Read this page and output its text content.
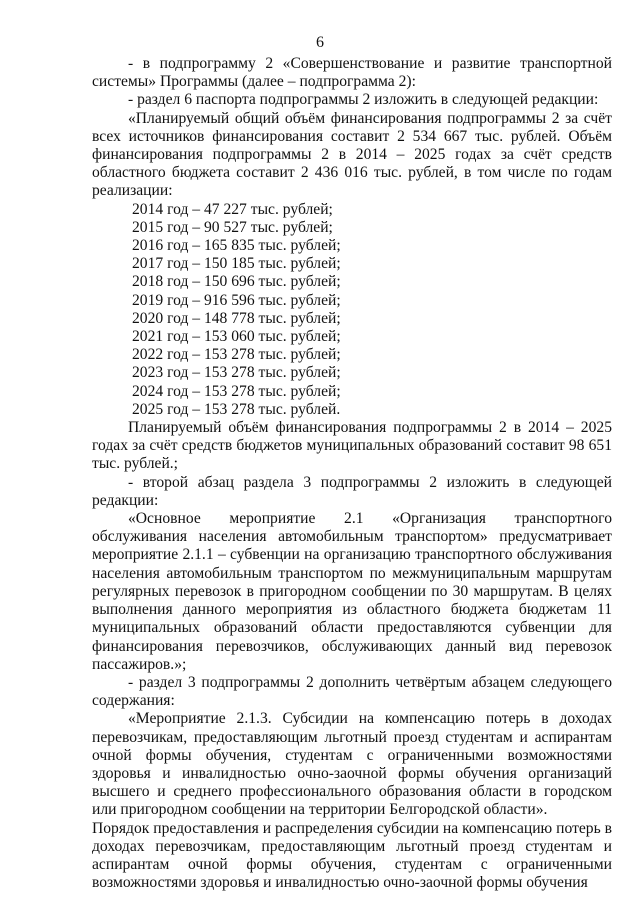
6

- в подпрограмму 2 «Совершенствование и развитие транспортной системы» Программы (далее – подпрограмма 2):

- раздел 6 паспорта подпрограммы 2 изложить в следующей редакции:

«Планируемый общий объём финансирования подпрограммы 2 за счёт всех источников финансирования составит 2 534 667 тыс. рублей. Объём финансирования подпрограммы 2 в 2014 – 2025 годах за счёт средств областного бюджета составит 2 436 016 тыс. рублей, в том числе по годам реализации:

2014 год – 47 227 тыс. рублей;

2015 год – 90 527 тыс. рублей;

2016 год – 165 835 тыс. рублей;

2017 год – 150 185 тыс. рублей;

2018 год – 150 696 тыс. рублей;

2019 год – 916 596 тыс. рублей;

2020 год – 148 778 тыс. рублей;

2021 год – 153 060 тыс. рублей;

2022 год – 153 278 тыс. рублей;

2023 год – 153 278 тыс. рублей;

2024 год – 153 278 тыс. рублей;

2025 год – 153 278 тыс. рублей.

Планируемый объём финансирования подпрограммы 2 в 2014 – 2025 годах за счёт средств бюджетов муниципальных образований составит 98 651 тыс. рублей.;

- второй абзац раздела 3 подпрограммы 2 изложить в следующей редакции:

«Основное мероприятие 2.1 «Организация транспортного обслуживания населения автомобильным транспортом» предусматривает мероприятие 2.1.1 – субвенции на организацию транспортного обслуживания населения автомобильным транспортом по межмуниципальным маршрутам регулярных перевозок в пригородном сообщении по 30 маршрутам. В целях выполнения данного мероприятия из областного бюджета бюджетам 11 муниципальных образований области предоставляются субвенции для финансирования перевозчиков, обслуживающих данный вид перевозок пассажиров.»;

- раздел 3 подпрограммы 2 дополнить четвёртым абзацем следующего содержания:

«Мероприятие 2.1.3. Субсидии на компенсацию потерь в доходах перевозчикам, предоставляющим льготный проезд студентам и аспирантам очной формы обучения, студентам с ограниченными возможностями здоровья и инвалидностью очно-заочной формы обучения организаций высшего и среднего профессионального образования области в городском или пригородном сообщении на территории Белгородской области».

Порядок предоставления и распределения субсидии на компенсацию потерь в доходах перевозчикам, предоставляющим льготный проезд студентам и аспирантам очной формы обучения, студентам с ограниченными возможностями здоровья и инвалидностью очно-заочной формы обучения
